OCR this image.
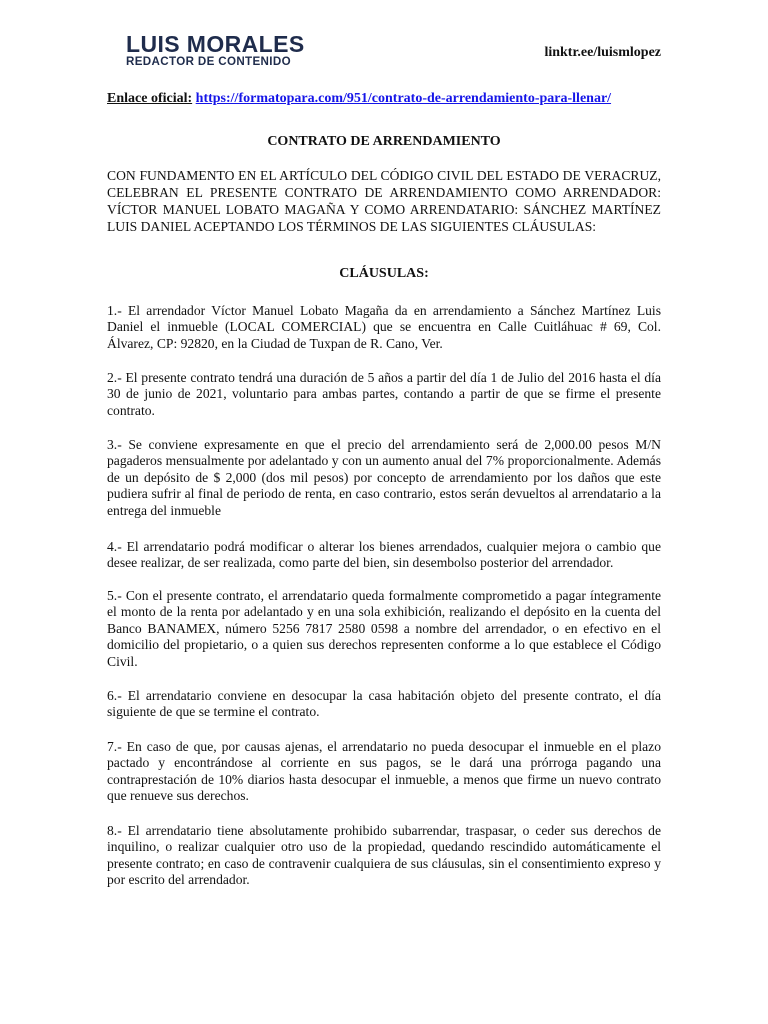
LUIS MORALES
REDACTOR DE CONTENIDO
linktr.ee/luismlopez
Enlace oficial: https://formatopara.com/951/contrato-de-arrendamiento-para-llenar/
CONTRATO DE ARRENDAMIENTO

CON FUNDAMENTO EN EL ARTÍCULO DEL CÓDIGO CIVIL DEL ESTADO DE VERACRUZ, CELEBRAN EL PRESENTE CONTRATO DE ARRENDAMIENTO COMO ARRENDADOR: VÍCTOR MANUEL LOBATO MAGAÑA Y COMO ARRENDATARIO: SÁNCHEZ MARTÍNEZ LUIS DANIEL ACEPTANDO LOS TÉRMINOS DE LAS SIGUIENTES CLÁUSULAS:

CLÁUSULAS:

1.- El arrendador Víctor Manuel Lobato Magaña da en arrendamiento a Sánchez Martínez Luis Daniel el inmueble (LOCAL COMERCIAL) que se encuentra en Calle Cuitláhuac # 69, Col. Álvarez, CP: 92820, en la Ciudad de Tuxpan de R. Cano, Ver.

2.- El presente contrato tendrá una duración de 5 años a partir del día 1 de Julio del 2016 hasta el día 30 de junio de 2021, voluntario para ambas partes, contando a partir de que se firme el presente contrato.

3.- Se conviene expresamente en que el precio del arrendamiento será de 2,000.00 pesos M/N pagaderos mensualmente por adelantado y con un aumento anual del 7% proporcionalmente. Además de un depósito de $ 2,000 (dos mil pesos) por concepto de arrendamiento por los daños que este pudiera sufrir al final de periodo de renta, en caso contrario, estos serán devueltos al arrendatario a la entrega del inmueble

4.- El arrendatario podrá modificar o alterar los bienes arrendados, cualquier mejora o cambio que desee realizar, de ser realizada, como parte del bien, sin desembolso posterior del arrendador.

5.- Con el presente contrato, el arrendatario queda formalmente comprometido a pagar íntegramente el monto de la renta por adelantado y en una sola exhibición, realizando el depósito en la cuenta del Banco BANAMEX, número 5256 7817 2580 0598 a nombre del arrendador, o en efectivo en el domicilio del propietario, o a quien sus derechos representen conforme a lo que establece el Código Civil.

6.- El arrendatario conviene en desocupar la casa habitación objeto del presente contrato, el día siguiente de que se termine el contrato.

7.- En caso de que, por causas ajenas, el arrendatario no pueda desocupar el inmueble en el plazo pactado y encontrándose al corriente en sus pagos, se le dará una prórroga pagando una contraprestación de 10% diarios hasta desocupar el inmueble, a menos que firme un nuevo contrato que renueve sus derechos.

8.- El arrendatario tiene absolutamente prohibido subarrendar, traspasar, o ceder sus derechos de inquilino, o realizar cualquier otro uso de la propiedad, quedando rescindido automáticamente el presente contrato; en caso de contravenir cualquiera de sus cláusulas, sin el consentimiento expreso y por escrito del arrendador.
